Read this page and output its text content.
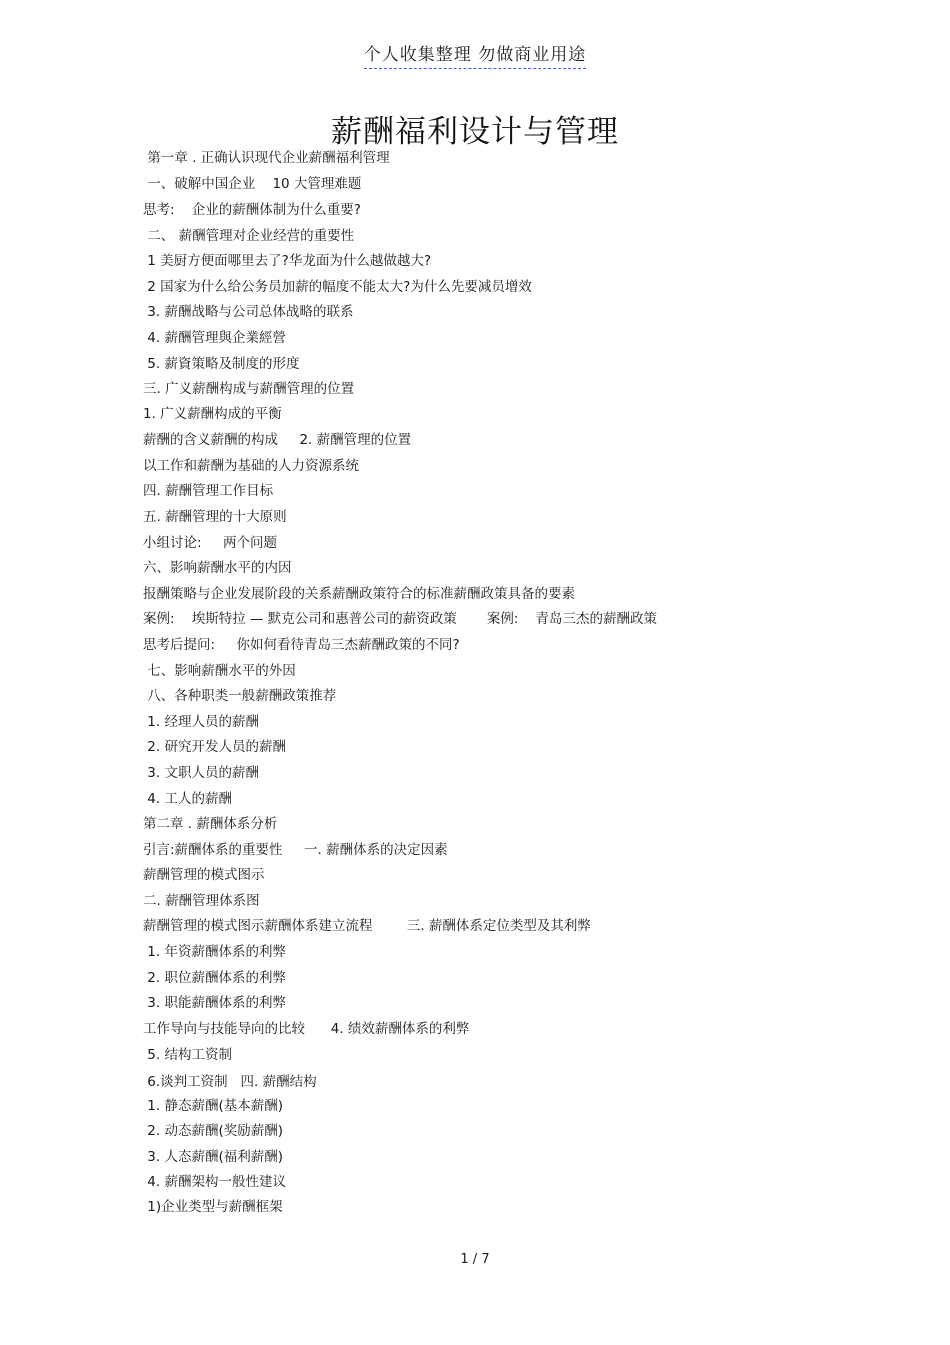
个人收集整理 勿做商业用途
薪酬福利设计与管理
第一章 . 正确认识现代企业薪酬福利管理
一、破解中国企业    10 大管理难题
思考:    企业的薪酬体制为什么重要?
二、 薪酬管理对企业经营的重要性
1 美厨方便面哪里去了?华龙面为什么越做越大?
2 国家为什么给公务员加薪的幅度不能太大?为什么先要减员增效
3. 薪酬战略与公司总体战略的联系
4. 薪酬管理與企業經營
5. 薪資策略及制度的形度
三. 广义薪酬构成与薪酬管理的位置
1. 广义薪酬构成的平衡
薪酬的含义薪酬的构成     2. 薪酬管理的位置
以工作和薪酬为基础的人力资源系统
四. 薪酬管理工作目标
五. 薪酬管理的十大原则
小组讨论:     两个问题
六、影响薪酬水平的内因
报酬策略与企业发展阶段的关系薪酬政策符合的标准薪酬政策具备的要素
案例:    埃斯特拉 — 默克公司和惠普公司的薪资政策       案例:    青岛三杰的薪酬政策
思考后提问:     你如何看待青岛三杰薪酬政策的不同?
七、影响薪酬水平的外因
八、各种职类一般薪酬政策推荐
1. 经理人员的薪酬
2. 研究开发人员的薪酬
3. 文职人员的薪酬
4. 工人的薪酬
第二章 . 薪酬体系分析
引言:薪酬体系的重要性     一. 薪酬体系的决定因素
薪酬管理的模式图示
二. 薪酬管理体系图
薪酬管理的模式图示薪酬体系建立流程        三. 薪酬体系定位类型及其利弊
1. 年资薪酬体系的利弊
2. 职位薪酬体系的利弊
3. 职能薪酬体系的利弊
工作导向与技能导向的比较      4. 绩效薪酬体系的利弊
5. 结构工资制
6.谈判工资制   四. 薪酬结构
1. 静态薪酬(基本薪酬)
2. 动态薪酬(奖励薪酬)
3. 人态薪酬(福利薪酬)
4. 薪酬架构一般性建议
1)企业类型与薪酬框架
1 / 7
